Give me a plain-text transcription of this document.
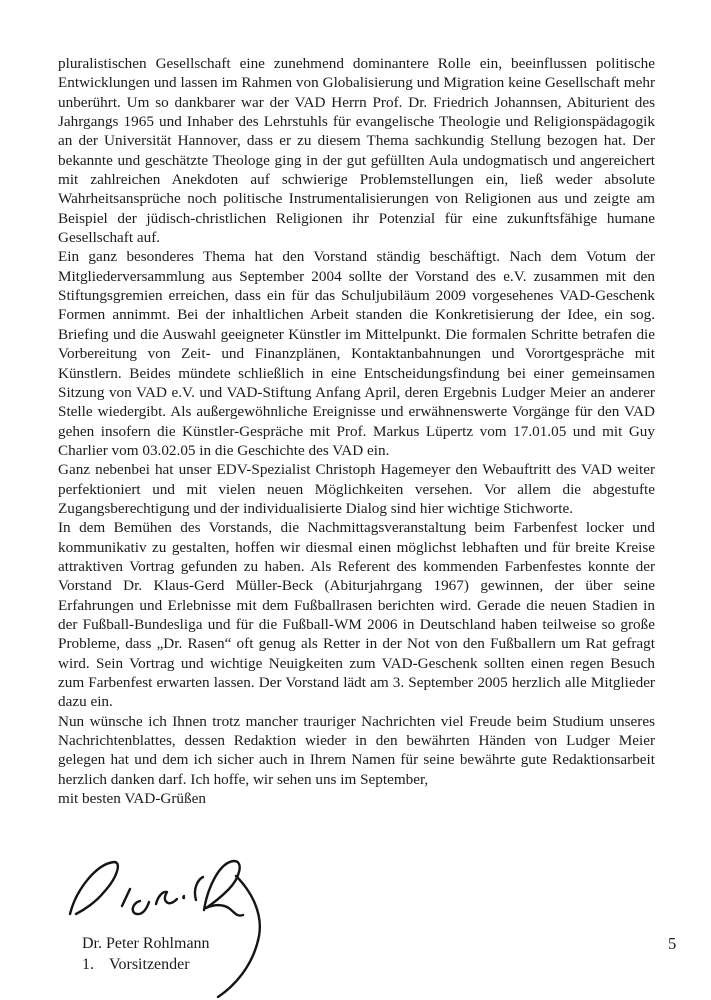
pluralistischen Gesellschaft eine zunehmend dominantere Rolle ein, beeinflussen politische Entwicklungen und lassen im Rahmen von Globalisierung und Migration keine Gesellschaft mehr unberührt. Um so dankbarer war der VAD Herrn Prof. Dr. Friedrich Johannsen, Abiturient des Jahrgangs 1965 und Inhaber des Lehrstuhls für evangelische Theologie und Religionspädagogik an der Universität Hannover, dass er zu diesem Thema sachkundig Stellung bezogen hat. Der bekannte und geschätzte Theologe ging in der gut gefüllten Aula undogmatisch und angereichert mit zahlreichen Anekdoten auf schwierige Problemstellungen ein, ließ weder absolute Wahrheitsansprüche noch politische Instrumentalisierungen von Religionen aus und zeigte am Beispiel der jüdisch-christlichen Religionen ihr Potenzial für eine zukunftsfähige humane Gesellschaft auf.

Ein ganz besonderes Thema hat den Vorstand ständig beschäftigt. Nach dem Votum der Mitgliederversammlung aus September 2004 sollte der Vorstand des e.V. zusammen mit den Stiftungsgremien erreichen, dass ein für das Schuljubiläum 2009 vorgesehenes VAD-Geschenk Formen annimmt. Bei der inhaltlichen Arbeit standen die Konkretisierung der Idee, ein sog. Briefing und die Auswahl geeigneter Künstler im Mittelpunkt. Die formalen Schritte betrafen die Vorbereitung von Zeit- und Finanzplänen, Kontaktanbahnungen und Vorortgespräche mit Künstlern. Beides mündete schließlich in eine Entscheidungsfindung bei einer gemeinsamen Sitzung von VAD e.V. und VAD-Stiftung Anfang April, deren Ergebnis Ludger Meier an anderer Stelle wiedergibt. Als außergewöhnliche Ereignisse und erwähnenswerte Vorgänge für den VAD gehen insofern die Künstler-Gespräche mit Prof. Markus Lüpertz vom 17.01.05 und mit Guy Charlier vom 03.02.05 in die Geschichte des VAD ein.

Ganz nebenbei hat unser EDV-Spezialist Christoph Hagemeyer den Webauftritt des VAD weiter perfektioniert und mit vielen neuen Möglichkeiten versehen. Vor allem die abgestufte Zugangsberechtigung und der individualisierte Dialog sind hier wichtige Stichworte.

In dem Bemühen des Vorstands, die Nachmittagsveranstaltung beim Farbenfest locker und kommunikativ zu gestalten, hoffen wir diesmal einen möglichst lebhaften und für breite Kreise attraktiven Vortrag gefunden zu haben. Als Referent des kommenden Farbenfestes konnte der Vorstand Dr. Klaus-Gerd Müller-Beck (Abiturjahrgang 1967) gewinnen, der über seine Erfahrungen und Erlebnisse mit dem Fußballrasen berichten wird. Gerade die neuen Stadien in der Fußball-Bundesliga und für die Fußball-WM 2006 in Deutschland haben teilweise so große Probleme, dass „Dr. Rasen“ oft genug als Retter in der Not von den Fußballern um Rat gefragt wird. Sein Vortrag und wichtige Neuigkeiten zum VAD-Geschenk sollten einen regen Besuch zum Farbenfest erwarten lassen. Der Vorstand lädt am 3. September 2005 herzlich alle Mitglieder dazu ein.

Nun wünsche ich Ihnen trotz mancher trauriger Nachrichten viel Freude beim Studium unseres Nachrichtenblattes, dessen Redaktion wieder in den bewährten Händen von Ludger Meier gelegen hat und dem ich sicher auch in Ihrem Namen für seine bewährte gute Redaktionsarbeit herzlich danken darf. Ich hoffe, wir sehen uns im September,

mit besten VAD-Grüßen

Dr. Peter Rohlmann
1. Vorsitzender
5
